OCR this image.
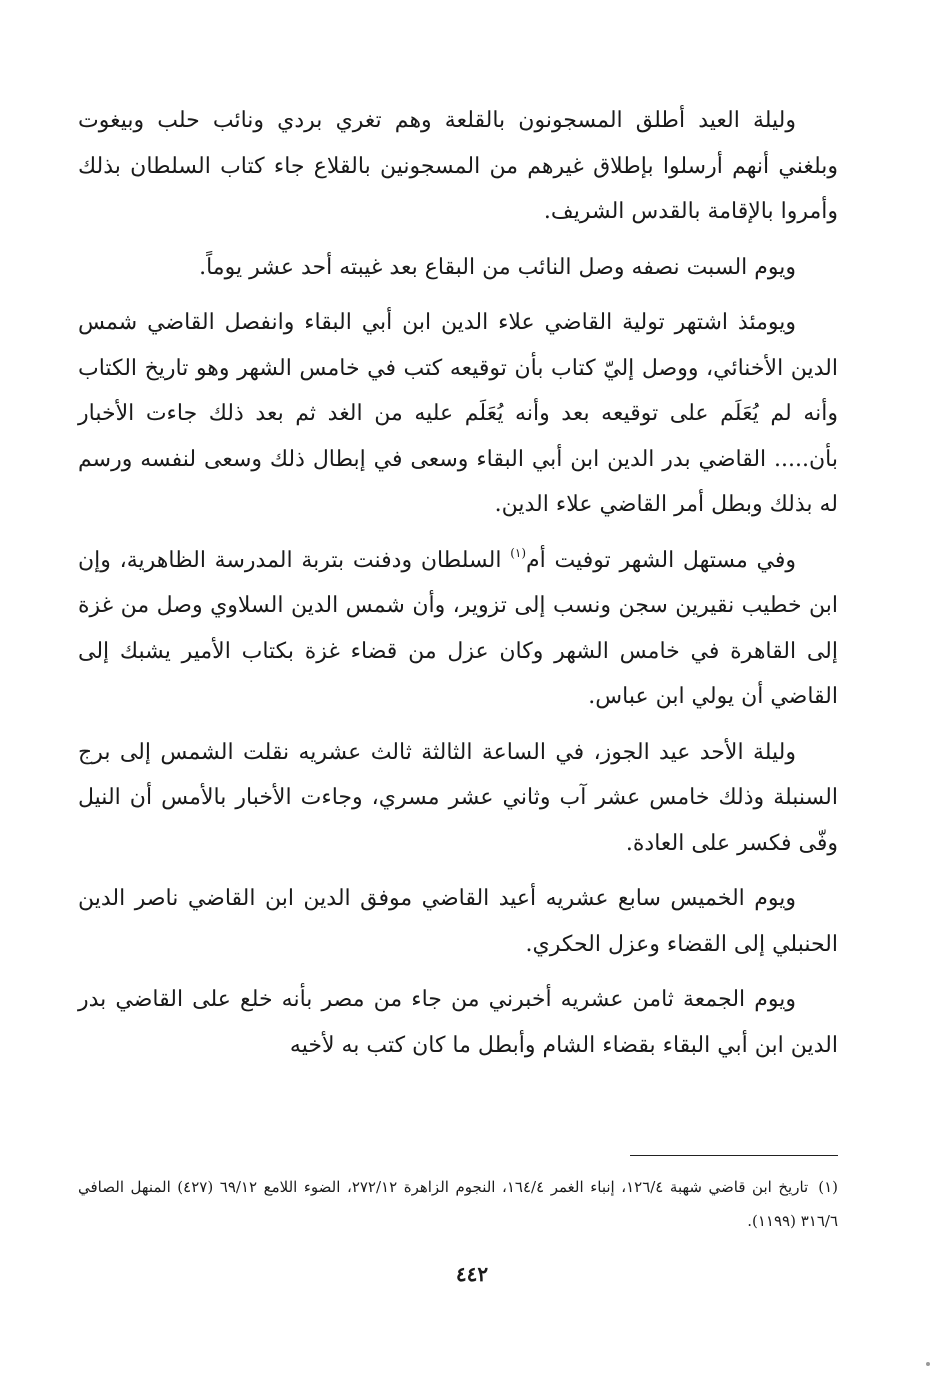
وليلة العيد أطلق المسجونون بالقلعة وهم تغري بردي ونائب حلب وبيغوت وبلغني أنهم أرسلوا بإطلاق غيرهم من المسجونين بالقلاع جاء كتاب السلطان بذلك وأمروا بالإقامة بالقدس الشريف.

ويوم السبت نصفه وصل النائب من البقاع بعد غيبته أحد عشر يوماً.

ويومئذ اشتهر تولية القاضي علاء الدين ابن أبي البقاء وانفصل القاضي شمس الدين الأخنائي، ووصل إليّ كتاب بأن توقيعه كتب في خامس الشهر وهو تاريخ الكتاب وأنه لم يُعَلَم على توقيعه بعد وأنه يُعَلَم عليه من الغد ثم بعد ذلك جاءت الأخبار بأن..... القاضي بدر الدين ابن أبي البقاء وسعى في إبطال ذلك وسعى لنفسه ورسم له بذلك وبطل أمر القاضي علاء الدين.

وفي مستهل الشهر توفيت أم$^{(١)}$ السلطان ودفنت بتربة المدرسة الظاهرية، وإن ابن خطيب نقيرين سجن ونسب إلى تزوير، وأن شمس الدين السلاوي وصل من غزة إلى القاهرة في خامس الشهر وكان عزل من قضاء غزة بكتاب الأمير يشبك إلى القاضي أن يولي ابن عباس.

وليلة الأحد عيد الجوز، في الساعة الثالثة ثالث عشريه نقلت الشمس إلى برج السنبلة وذلك خامس عشر آب وثاني عشر مسري، وجاءت الأخبار بالأمس أن النيل وفّى فكسر على العادة.

ويوم الخميس سابع عشريه أعيد القاضي موفق الدين ابن القاضي ناصر الدين الحنبلي إلى القضاء وعزل الحكري.

ويوم الجمعة ثامن عشريه أخبرني من جاء من مصر بأنه خلع على القاضي بدر الدين ابن أبي البقاء بقضاء الشام وأبطل ما كان كتب به لأخيه

(١)تاريخ ابن قاضي شهبة ١٢٦/٤، إنباء الغمر ١٦٤/٤، النجوم الزاهرة ٢٧٢/١٢، الضوء اللامع ٦٩/١٢ (٤٢٧) المنهل الصافي ٣١٦/٦ (١١٩٩).

٤٤٢
